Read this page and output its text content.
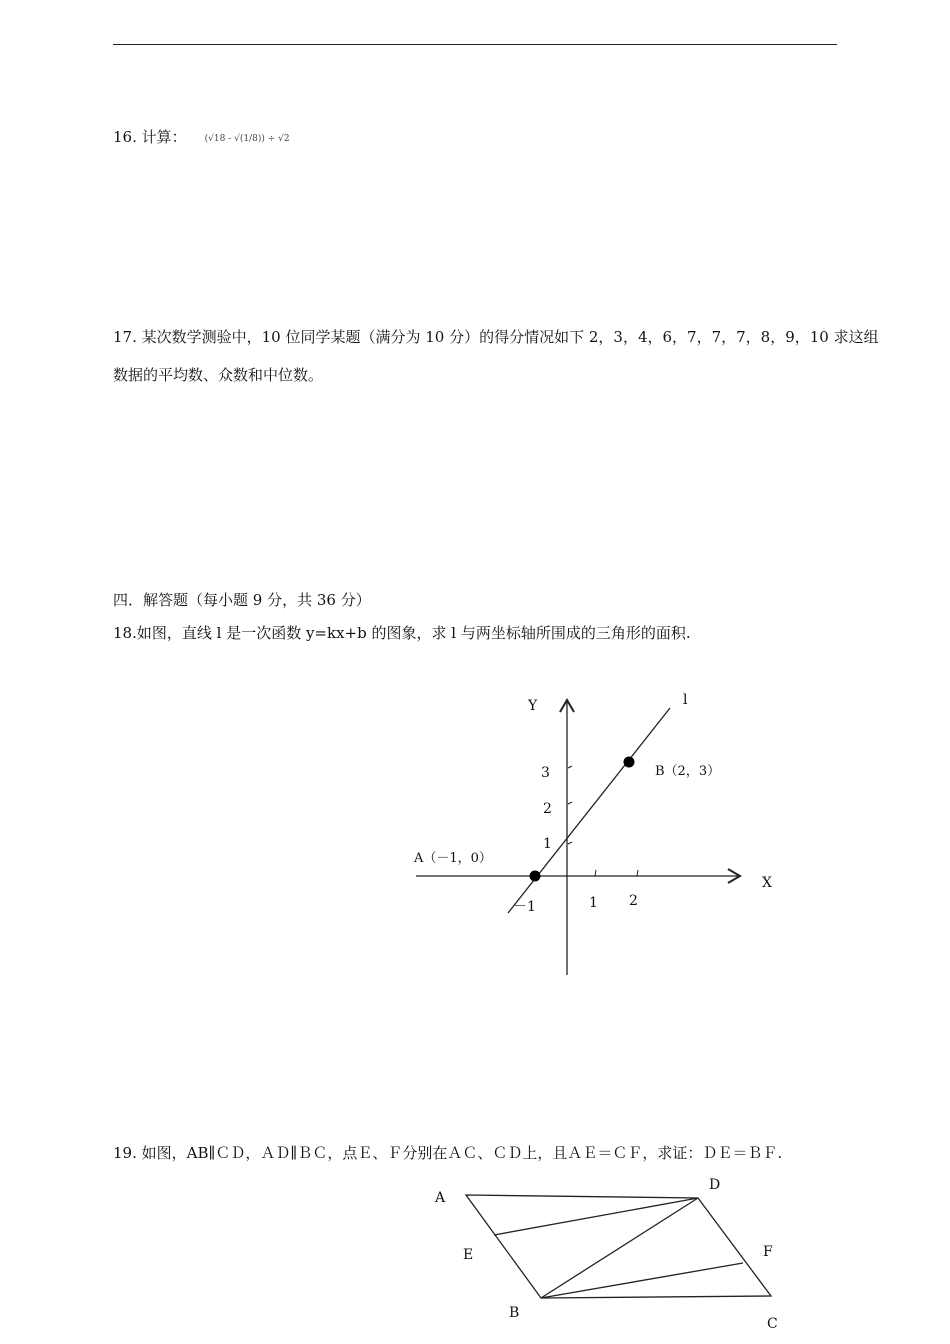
16. 计算： (√18 - √(1/8)) ÷ √2
17. 某次数学测验中，10 位同学某题（满分为 10 分）的得分情况如下 2，3，4，6，7，7，7，8，9，10 求这组
数据的平均数、众数和中位数。
四．解答题（每小题 9 分，共 36 分）
18.如图，直线 l 是一次函数 y=kx+b 的图象，求 l 与两坐标轴所围成的三角形的面积.
Y
X
l
3
2
1
1 2
－1
A（－1，0）
B（2，3）
19. 如图，AB∥ＣＤ，ＡＤ∥ＢＣ，点Ｅ、Ｆ分别在ＡＣ、ＣＤ上，且ＡＥ＝ＣＦ，求证：ＤＥ＝ＢＦ.
A
D
E	F
B
C
